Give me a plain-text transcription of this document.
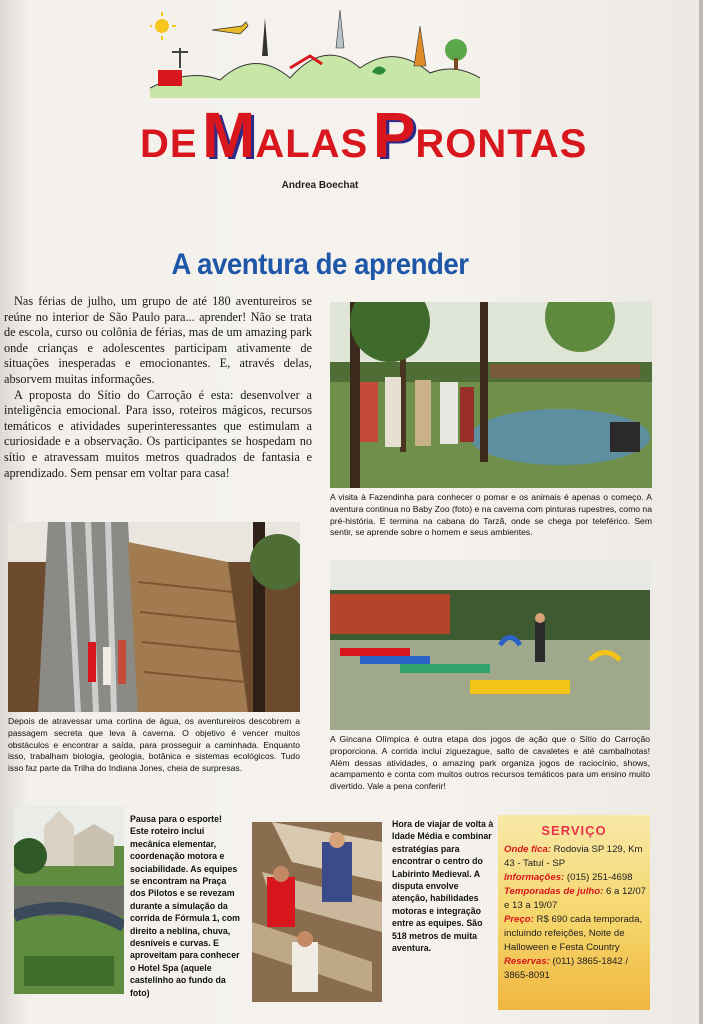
DE MALAS PRONTAS
Andrea Boechat
A aventura de aprender

Nas férias de julho, um grupo de até 180 aventureiros se reúne no interior de São Paulo para... aprender! Não se trata de escola, curso ou colônia de férias, mas de um amazing park onde crianças e adolescentes participam ativamente de situações inesperadas e emocionantes. E, através delas, absorvem muitas informações.

A proposta do Sítio do Carroção é esta: desenvolver a inteligência emocional. Para isso, roteiros mágicos, recursos temáticos e atividades superinteressantes que estimulam a curiosidade e a observação. Os participantes se hospedam no sítio e atravessam muitos metros quadrados de fantasia e aprendizado. Sem pensar em voltar para casa!

A visita à Fazendinha para conhecer o pomar e os animais é apenas o começo. A aventura continua no Baby Zoo (foto) e na caverna com pinturas rupestres, como na pré-história. E termina na cabana do Tarzã, onde se chega por teleférico. Sem sentir, se aprende sobre o homem e seus ambientes.
Depois de atravessar uma cortina de água, os aventureiros descobrem a passagem secreta que leva à caverna. O objetivo é vencer muitos obstáculos e encontrar a saída, para prosseguir a caminhada. Enquanto isso, trabalham biologia, geologia, botânica e sistemas ecológicos. Tudo isso faz parte da Trilha do Indiana Jones, cheia de surpresas.
A Gincana Olímpica é outra etapa dos jogos de ação que o Sítio do Carroção proporciona. A corrida inclui ziguezague, salto de cavaletes e até cambalhotas! Além dessas atividades, o amazing park organiza jogos de raciocínio, shows, acampamento e conta com muitos outros recursos temáticos para um ensino muito divertido. Vale a pena conferir!
Pausa para o esporte! Este roteiro inclui mecânica elementar, coordenação motora e sociabilidade. As equipes se encontram na Praça dos Pilotos e se revezam durante a simulação da corrida de Fórmula 1, com direito a neblina, chuva, desníveis e curvas. E aproveitam para conhecer o Hotel Spa (aquele castelinho ao fundo da foto)
Hora de viajar de volta à Idade Média e combinar estratégias para encontrar o centro do Labirinto Medieval. A disputa envolve atenção, habilidades motoras e integração entre as equipes. São 518 metros de muita aventura.
SERVIÇO
Onde fica: Rodovia SP 129, Km 43 - Tatuí - SP
Informações: (015) 251-4698
Temporadas de julho: 6 a 12/07 e 13 a 19/07
Preço: R$ 690 cada temporada, incluindo refeições, Noite de Halloween e Festa Country
Reservas: (011) 3865-1842 / 3865-8091
